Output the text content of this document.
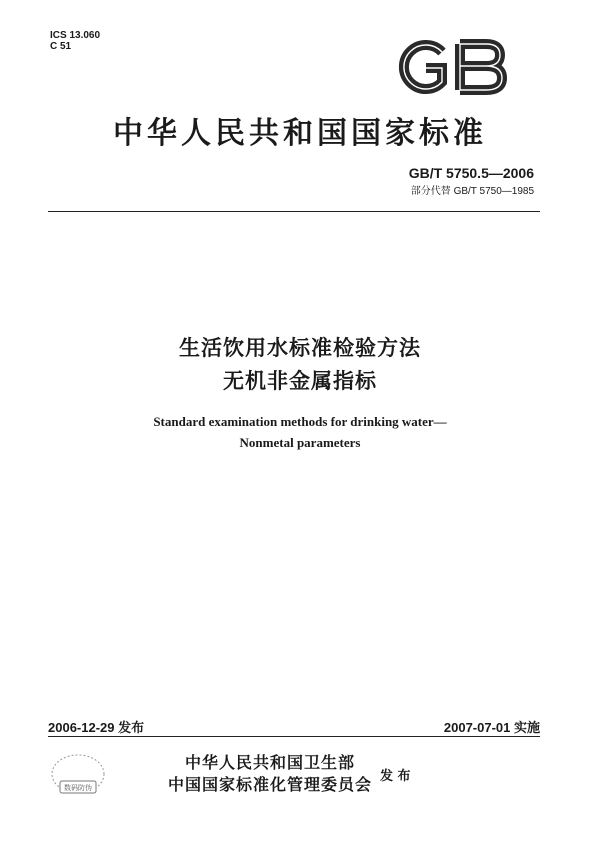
ICS 13.060
C 51
中华人民共和国国家标准
GB/T 5750.5—2006
部分代替 GB/T 5750—1985
生活饮用水标准检验方法
无机非金属指标
Standard examination methods for drinking water—
Nonmetal parameters
2006-12-29 发布	2007-07-01 实施
中华人民共和国卫生部
中国国家标准化管理委员会 发 布
数码防伪
